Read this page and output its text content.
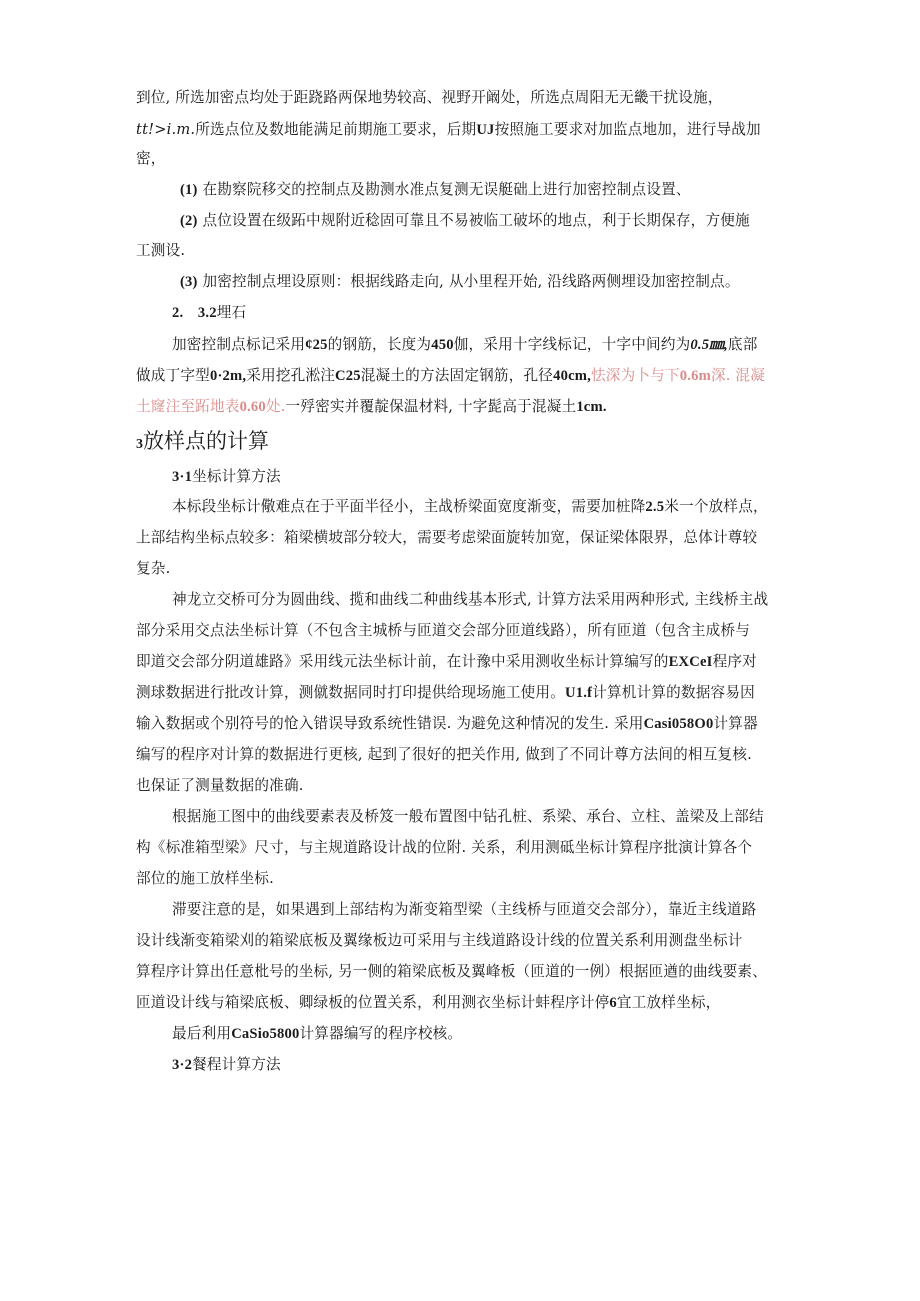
到位, 所选加密点均处于距跷路两保地势较高、视野开阚处，所选点周阳无无畿干扰设施，
tt!>i.m.所选点位及数地能满足前期施工要求，后期UJ按照施工要求对加监点地加，进行导战加
密，
(1) 在勘察院移交的控制点及勘测水准点复测无误艇础上进行加密控制点设置、
(2) 点位设置在级跖中规附近稔固可靠且不易被临工破坏的地点，利于长期保存，方便施
工测设.
(3) 加密控制点埋设原则：根据线路走向, 从小里程开始, 沿线路两侧埋设加密控制点。
2. 3.2埋石
加密控制点标记采用¢25的钢筋，长度为450伽，采用十字线标记，十字中间约为0.5㎜,底部
做成丁字型0·2m,采用挖孔淞注C25混凝土的方法固定钢筋，孔径40cm,怯深为卜与下0.6m深. 混凝
土窿注至跖地表0.60处.一殍密实并覆靛保温材料, 十字髭高于混凝土1cm.
3放样点的计算
3·1坐标计算方法
本标段坐标计儆难点在于平面半径小，主战桥梁面宽度渐变，需要加桩降2.5米一个放样点，
上部结构坐标点较多：箱梁横坡部分较大，需要考虑梁面旋转加宽，保证梁体限界，总体计尊较
复杂.
神龙立交桥可分为圆曲线、揽和曲线二种曲线基本形式, 计算方法采用两种形式, 主线桥主战
部分采用交点法坐标计算（不包含主城桥与匝道交会部分匝道线路），所有匝道（包含主成桥与
即道交会部分阴道雄路》采用线元法坐标计前，在计豫中采用测收坐标计算编写的EXCeI程序对
测球数据进行批改计算，测僦数据同时打印提供给现场施工使用。U1.f计算机计算的数据容易因
输入数据或个别符号的怆入错误导致系统性错误. 为避免这种情况的发生. 采用Casi058O0计算器
编写的程序对计算的数据进行更核, 起到了很好的把关作用, 做到了不同计尊方法间的相互复核.
也保证了测量数据的准确.
根据施工图中的曲线要素表及桥笈一般布置图中钻孔桩、系梁、承台、立柱、盖梁及上部结
构《标准箱型梁》尺寸，与主规道路设计战的位附. 关系，利用测砥坐标计算程序批演计算各个
部位的施工放样坐标.
滞要注意的是，如果遇到上部结构为渐变箱型梁（主线桥与匝道交会部分），靠近主线道路
设计线渐变箱梁刈的箱梁底板及翼缘板边可采用与主线道路设计线的位置关系利用测盘坐标计
算程序计算出任意枇号的坐标, 另一侧的箱梁底板及翼峰板（匝道的一例）根据匝遒的曲线要素、
匝道设计线与箱梁底板、卿绿板的位置关系，利用测衣坐标计蚌程序计停6宜工放样坐标，
最后利用CaSio5800计算器编写的程序校核。
3·2餐程计算方法
